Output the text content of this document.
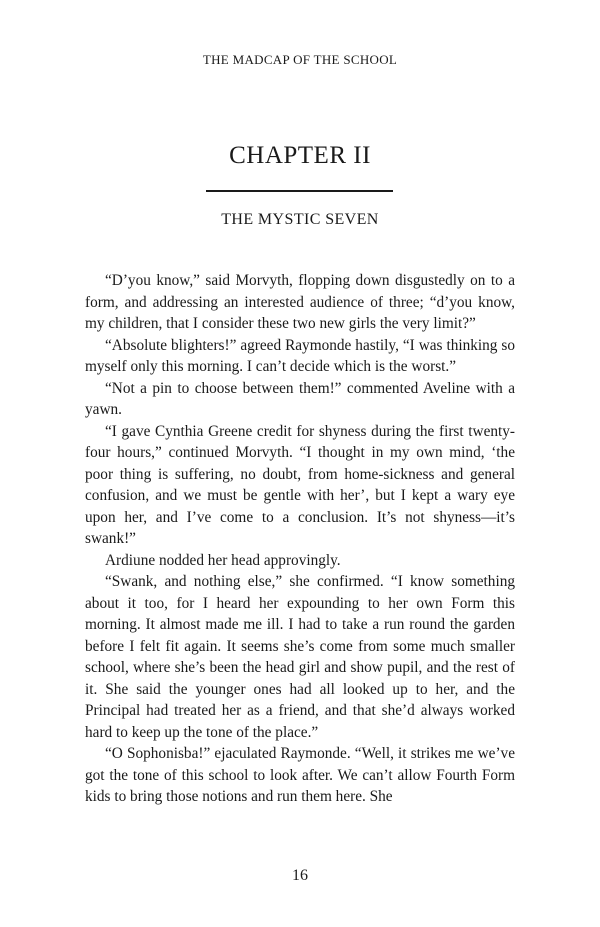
THE MADCAP OF THE SCHOOL
CHAPTER II
THE MYSTIC SEVEN

“D’you know,” said Morvyth, flopping down disgustedly on to a form, and addressing an interested audience of three; “d’you know, my children, that I consider these two new girls the very limit?”

“Absolute blighters!” agreed Raymonde hastily, “I was thinking so myself only this morning. I can’t decide which is the worst.”

“Not a pin to choose between them!” commented Aveline with a yawn.

“I gave Cynthia Greene credit for shyness during the first twenty-four hours,” continued Morvyth. “I thought in my own mind, ‘the poor thing is suffering, no doubt, from home-sickness and general confusion, and we must be gentle with her’, but I kept a wary eye upon her, and I’ve come to a conclusion. It’s not shyness—it’s swank!”

Ardiune nodded her head approvingly.

“Swank, and nothing else,” she confirmed. “I know something about it too, for I heard her expounding to her own Form this morning. It almost made me ill. I had to take a run round the garden before I felt fit again. It seems she’s come from some much smaller school, where she’s been the head girl and show pupil, and the rest of it. She said the younger ones had all looked up to her, and the Principal had treated her as a friend, and that she’d always worked hard to keep up the tone of the place.”

“O Sophonisba!” ejaculated Raymonde. “Well, it strikes me we’ve got the tone of this school to look after. We can’t allow Fourth Form kids to bring those notions and run them here. She

16
